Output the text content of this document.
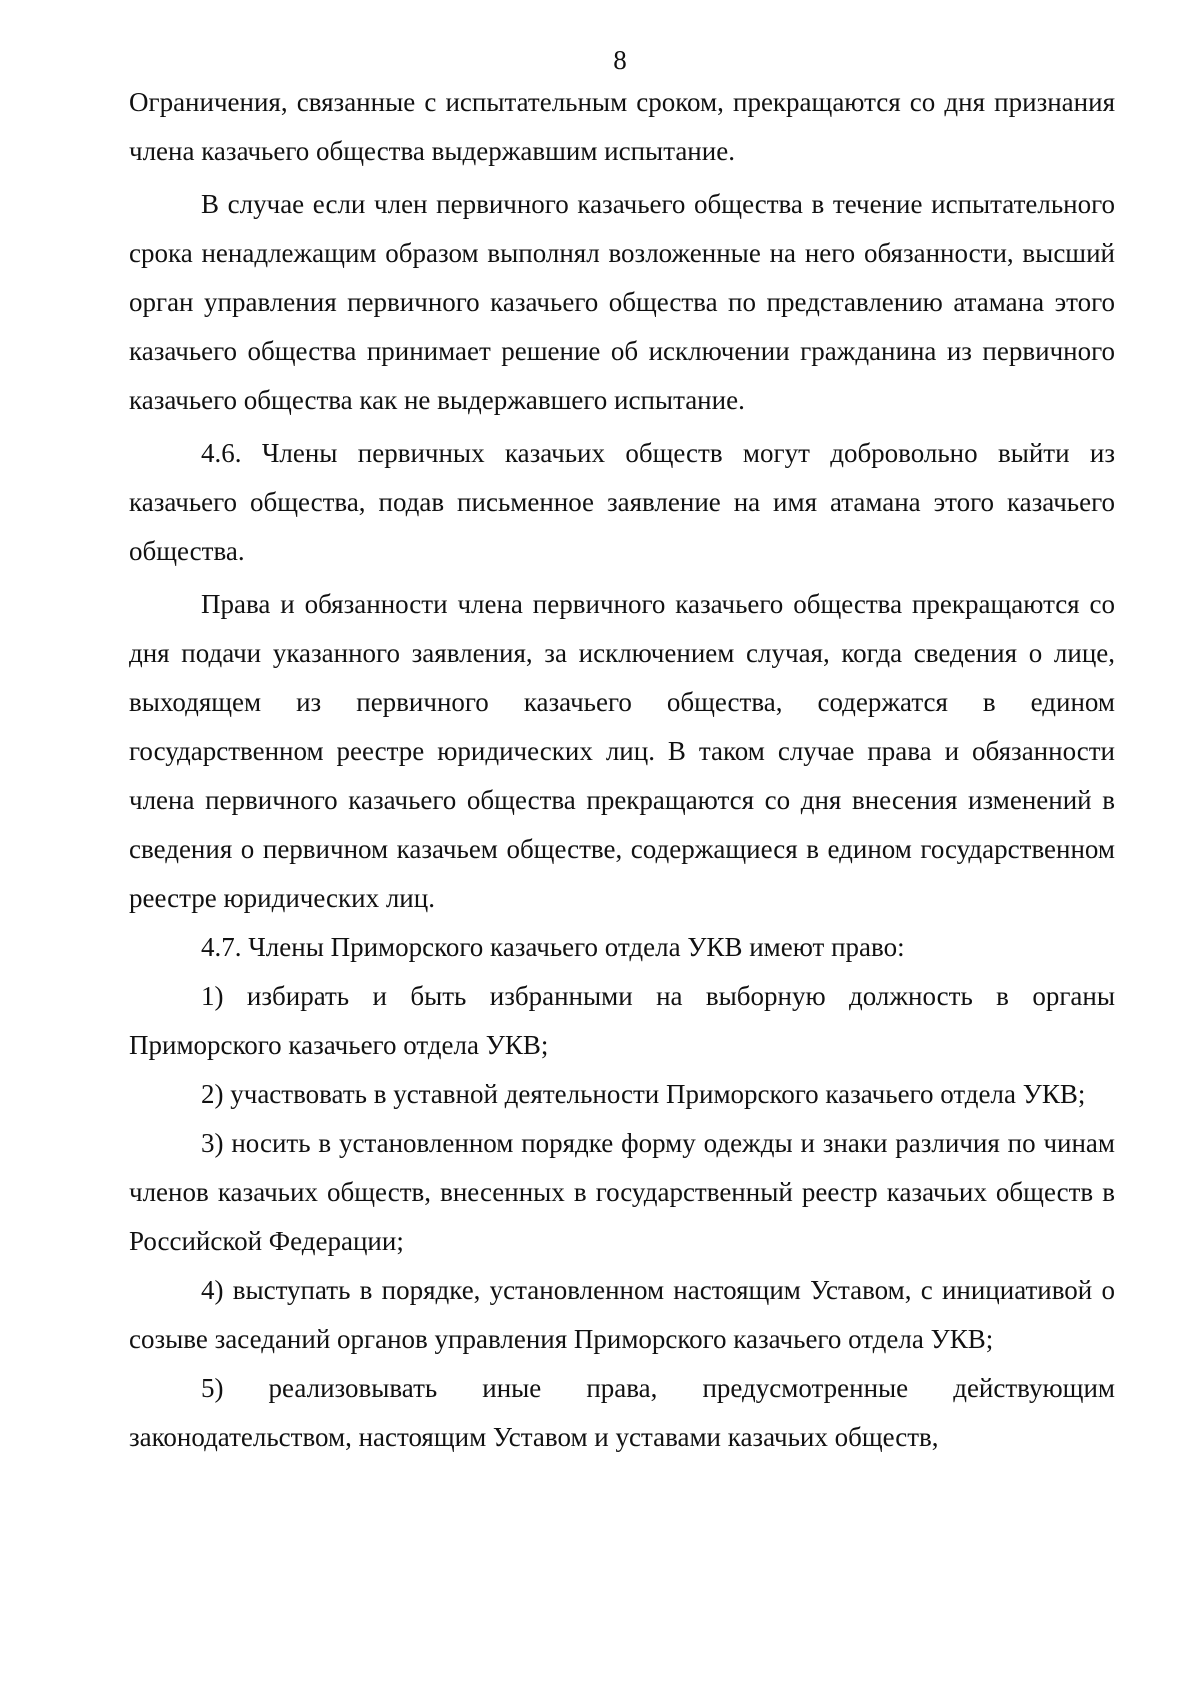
8

Ограничения, связанные с испытательным сроком, прекращаются со дня признания члена казачьего общества выдержавшим испытание.

В случае если член первичного казачьего общества в течение испытательного срока ненадлежащим образом выполнял возложенные на него обязанности, высший орган управления первичного казачьего общества по представлению атамана этого казачьего общества принимает решение об исключении гражданина из первичного казачьего общества как не выдержавшего испытание.

4.6. Члены первичных казачьих обществ могут добровольно выйти из казачьего общества, подав письменное заявление на имя атамана этого казачьего общества.

Права и обязанности члена первичного казачьего общества прекращаются со дня подачи указанного заявления, за исключением случая, когда сведения о лице, выходящем из первичного казачьего общества, содержатся в едином государственном реестре юридических лиц. В таком случае права и обязанности члена первичного казачьего общества прекращаются со дня внесения изменений в сведения о первичном казачьем обществе, содержащиеся в едином государственном реестре юридических лиц.

4.7. Члены Приморского казачьего отдела УКВ имеют право:

1) избирать и быть избранными на выборную должность в органы Приморского казачьего отдела УКВ;

2) участвовать в уставной деятельности Приморского казачьего отдела УКВ;

3) носить в установленном порядке форму одежды и знаки различия по чинам членов казачьих обществ, внесенных в государственный реестр казачьих обществ в Российской Федерации;

4) выступать в порядке, установленном настоящим Уставом, с инициативой о созыве заседаний органов управления Приморского казачьего отдела УКВ;

5) реализовывать иные права, предусмотренные действующим законодательством, настоящим Уставом и уставами казачьих обществ,
